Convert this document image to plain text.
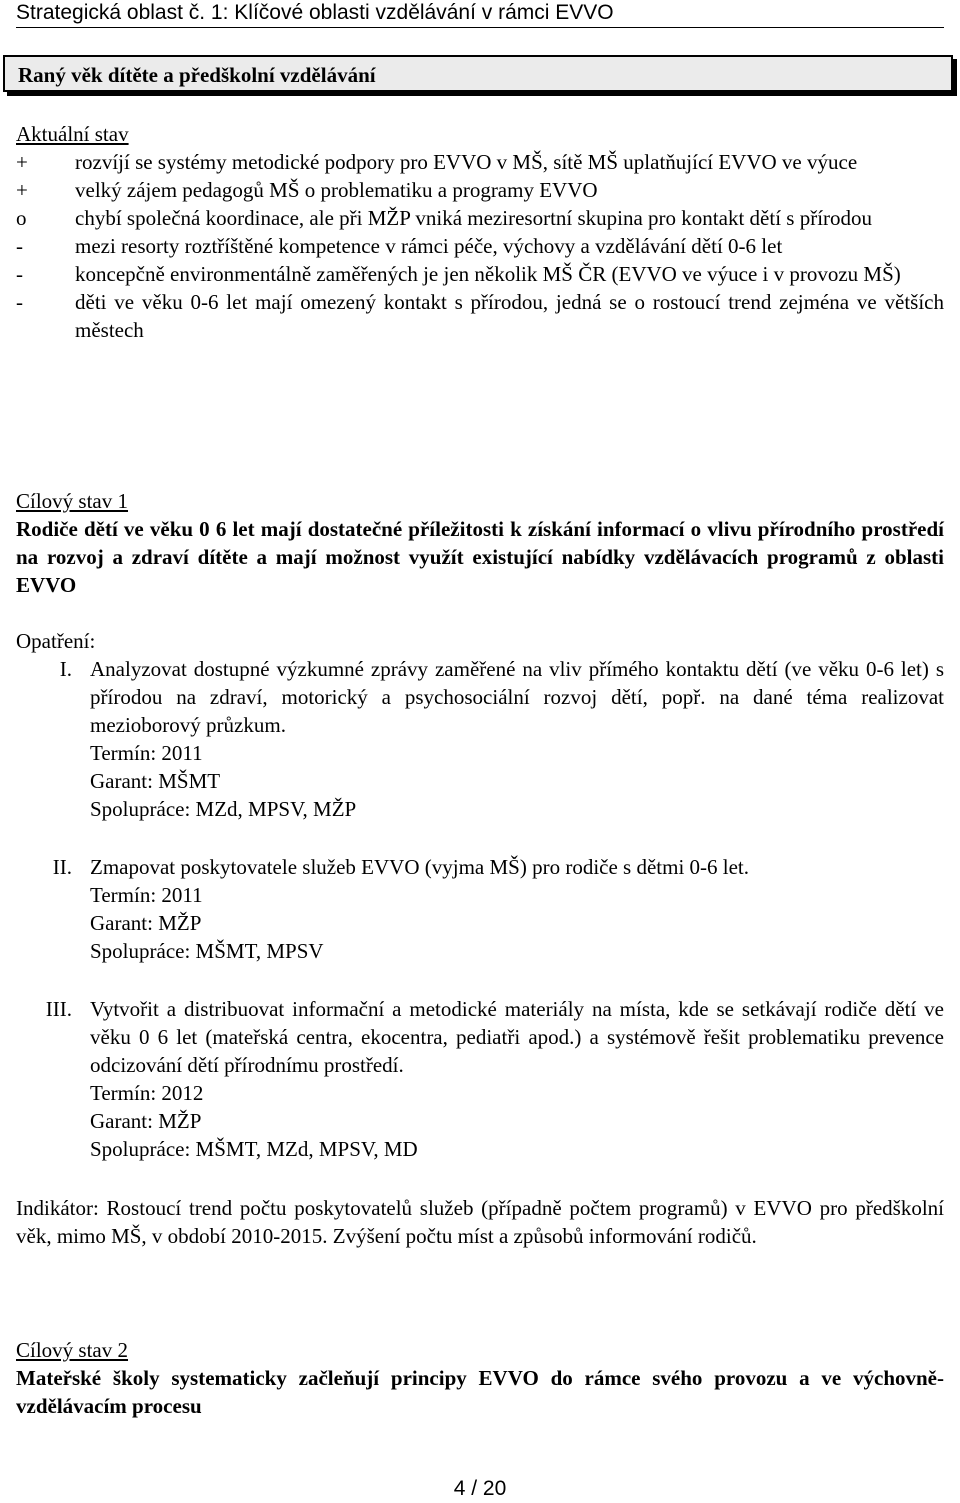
Strategická oblast č. 1: Klíčové oblasti vzdělávání v rámci EVVO
Raný věk dítěte a předškolní vzdělávání
Aktuální stav
+	rozvíjí se systémy metodické podpory pro EVVO v MŠ, sítě MŠ uplatňující EVVO ve výuce
+	velký zájem pedagogů MŠ o problematiku a programy EVVO
o	chybí společná koordinace, ale při MŽP vniká meziresortní skupina pro kontakt dětí s přírodou
-	mezi resorty roztříštěné kompetence v rámci péče, výchovy a vzdělávání dětí 0-6 let
-	koncepčně environmentálně zaměřených je jen několik MŠ ČR (EVVO ve výuce i v provozu MŠ)
-	děti ve věku 0-6 let mají omezený kontakt s přírodou, jedná se o rostoucí trend zejména ve větších městech
Cílový stav 1
Rodiče dětí ve věku 0 6 let mají dostatečné příležitosti k získání informací o vlivu přírodního prostředí na rozvoj a zdraví dítěte a mají možnost využít existující nabídky vzdělávacích programů z oblasti EVVO
Opatření:
I. Analyzovat dostupné výzkumné zprávy zaměřené na vliv přímého kontaktu dětí (ve věku 0-6 let) s přírodou na zdraví, motorický a psychosociální rozvoj dětí, popř. na dané téma realizovat mezioborový průzkum.
Termín: 2011
Garant: MŠMT
Spolupráce: MZd, MPSV, MŽP
II. Zmapovat poskytovatele služeb EVVO (vyjma MŠ) pro rodiče s dětmi 0-6 let.
Termín: 2011
Garant: MŽP
Spolupráce: MŠMT, MPSV
III. Vytvořit a distribuovat informační a metodické materiály na místa, kde se setkávají rodiče dětí ve věku 0 6 let (mateřská centra, ekocentra, pediatři apod.) a systémově řešit problematiku prevence odcizování dětí přírodnímu prostředí.
Termín: 2012
Garant: MŽP
Spolupráce: MŠMT, MZd, MPSV, MD
Indikátor: Rostoucí trend počtu poskytovatelů služeb (případně počtem programů) v EVVO pro předškolní věk, mimo MŠ, v období 2010-2015. Zvýšení počtu míst a způsobů informování rodičů.
Cílový stav 2
Mateřské školy systematicky začleňují principy EVVO do rámce svého provozu a ve výchovně-vzdělávacím procesu
4 / 20
